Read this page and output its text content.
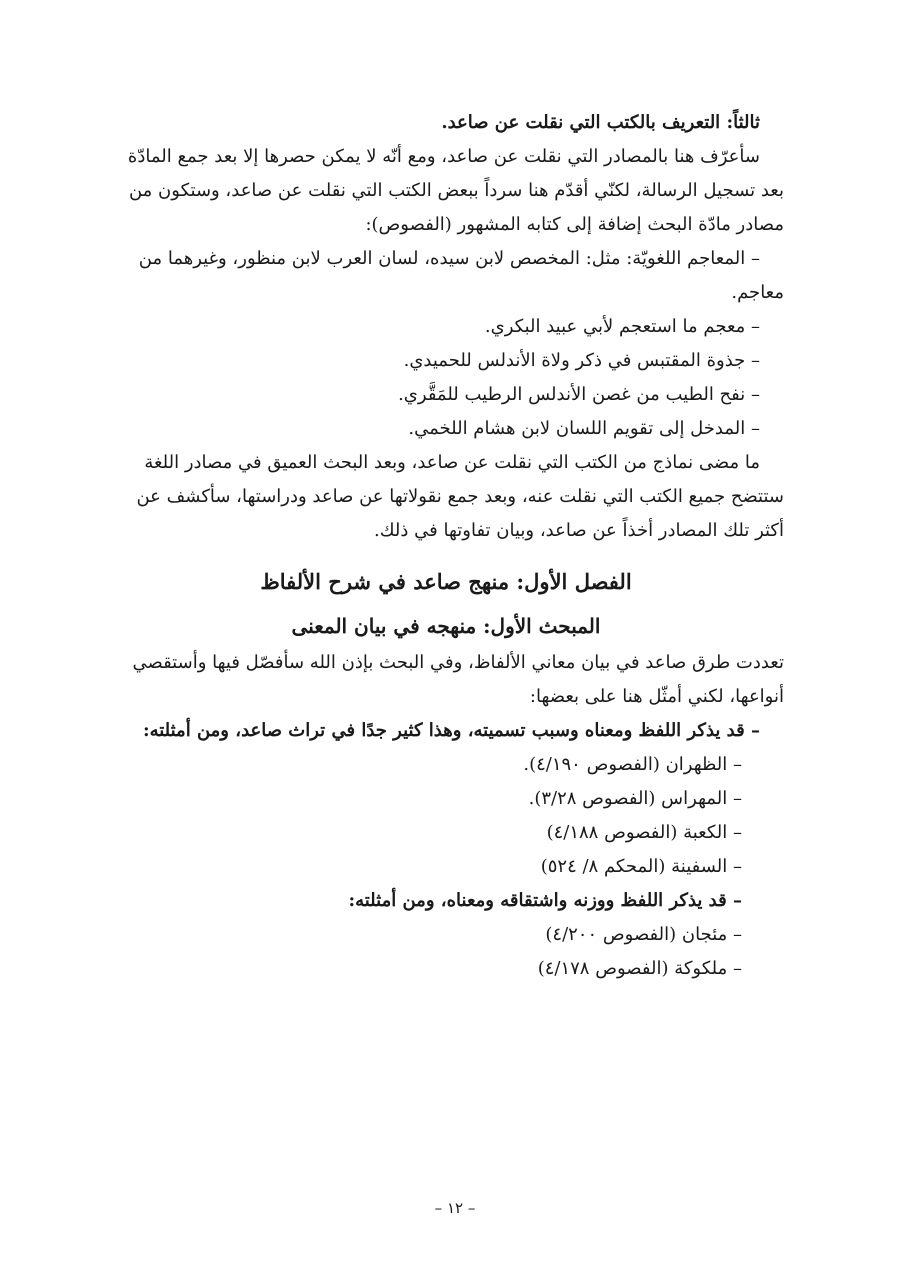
ثالثاً: التعريف بالكتب التي نقلت عن صاعد.
سأعرّف هنا بالمصادر التي نقلت عن صاعد، ومع أنّه لا يمكن حصرها إلا بعد جمع المادّة
بعد تسجيل الرسالة، لكنّي أقدّم هنا سرداً ببعض الكتب التي نقلت عن صاعد، وستكون من
مصادر مادّة البحث إضافة إلى كتابه المشهور (الفصوص):
– المعاجم اللغويّة: مثل: المخصص لابن سيده، لسان العرب لابن منظور، وغيرهما من
معاجم.
– معجم ما استعجم لأبي عبيد البكري.
– جذوة المقتبس في ذكر ولاة الأندلس للحميدي.
– نفح الطيب من غصن الأندلس الرطيب للمَقَّري.
– المدخل إلى تقويم اللسان لابن هشام اللخمي.
ما مضى نماذج من الكتب التي نقلت عن صاعد، وبعد البحث العميق في مصادر اللغة
ستتضح جميع الكتب التي نقلت عنه، وبعد جمع نقولاتها عن صاعد ودراستها، سأكشف عن
أكثر تلك المصادر أخذاً عن صاعد، وبيان تفاوتها في ذلك.
الفصل الأول: منهج صاعد في شرح الألفاظ
المبحث الأول: منهجه في بيان المعنى
تعددت طرق صاعد في بيان معاني الألفاظ، وفي البحث بإذن الله سأفصّل فيها وأستقصي
أنواعها، لكني أمثّل هنا على بعضها:
– قد يذكر اللفظ ومعناه وسبب تسميته، وهذا كثير جدًا في تراث صاعد، ومن أمثلته:
– الظهران (الفصوص ٤/١٩٠).
– المهراس (الفصوص ٣/٢٨).
– الكعبة (الفصوص ٤/١٨٨)
– السفينة (المحكم ٨/ ٥٢٤)
– قد يذكر اللفظ ووزنه واشتقاقه ومعناه، ومن أمثلته:
– مئجان (الفصوص ٤/٢٠٠)
– ملكوكة (الفصوص ٤/١٧٨)
– ١٢ –
